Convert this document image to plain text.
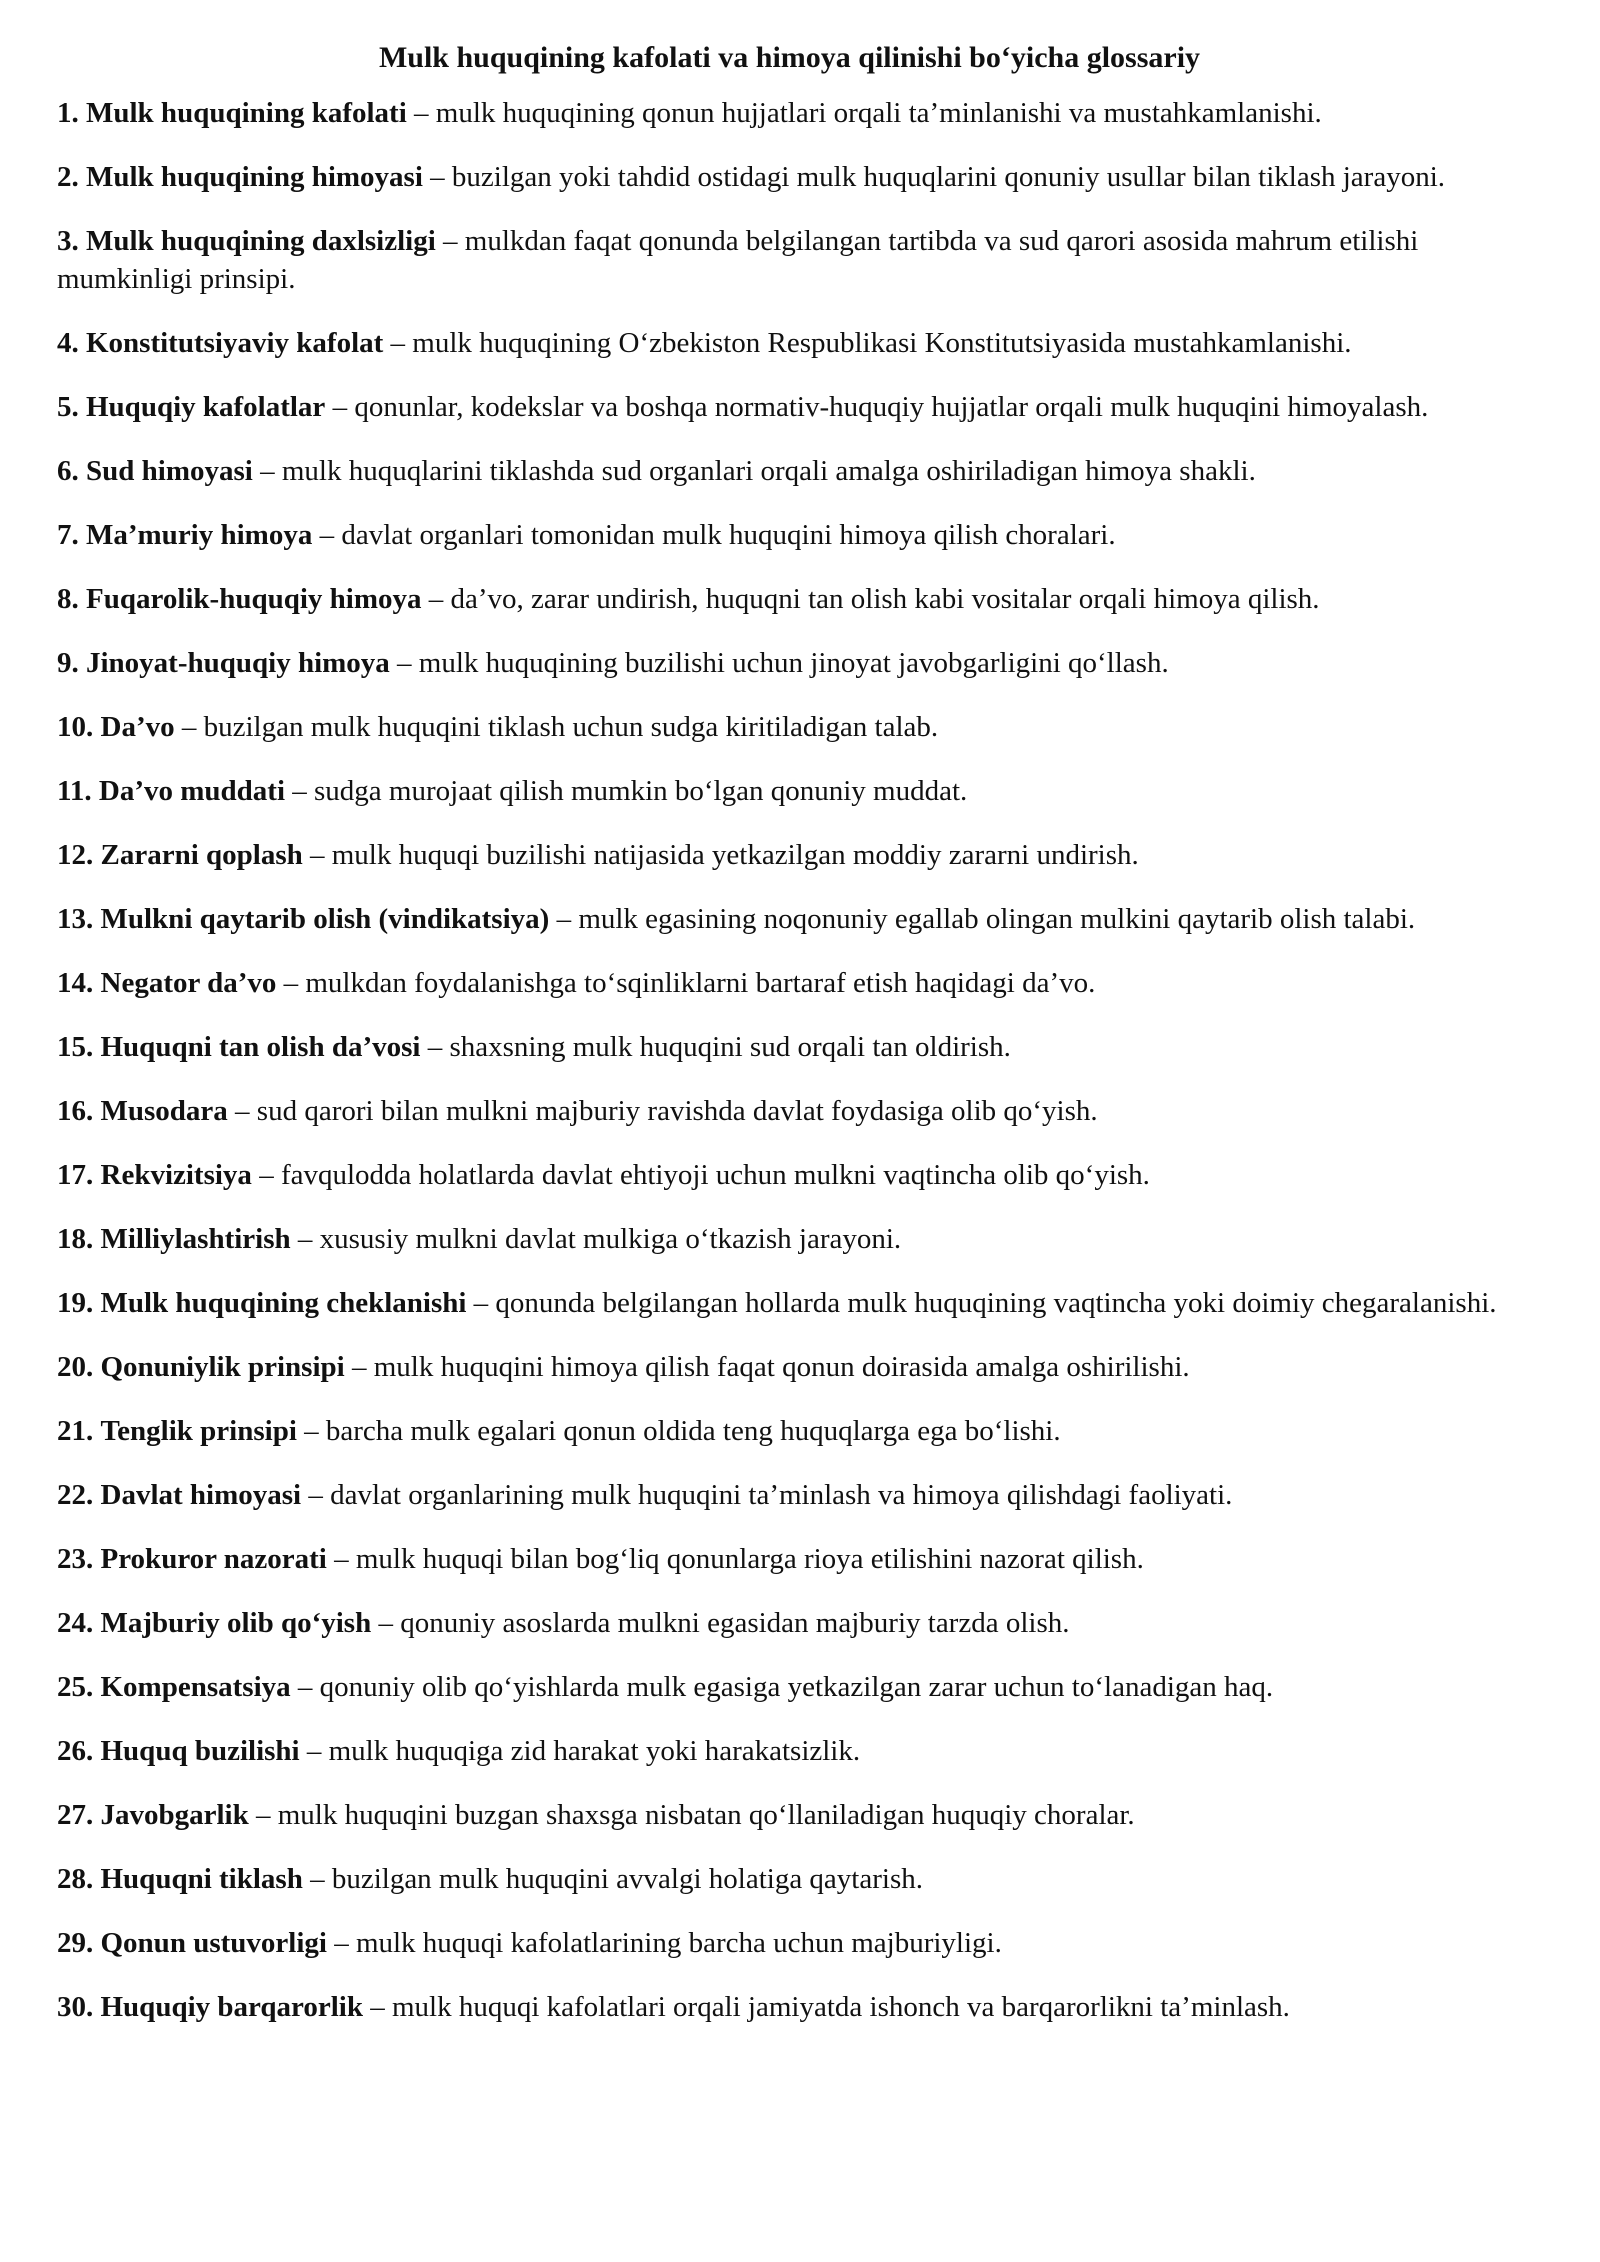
Mulk huquqining kafolati va himoya qilinishi boʻyicha glossariy
1. Mulk huquqining kafolati – mulk huquqining qonun hujjatlari orqali taʼminlanishi va mustahkamlanishi.
2. Mulk huquqining himoyasi – buzilgan yoki tahdid ostidagi mulk huquqlarini qonuniy usullar bilan tiklash jarayoni.
3. Mulk huquqining daxlsizligi – mulkdan faqat qonunda belgilangan tartibda va sud qarori asosida mahrum etilishi mumkinligi prinsipi.
4. Konstitutsiyaviy kafolat – mulk huquqining Oʻzbekiston Respublikasi Konstitutsiyasida mustahkamlanishi.
5. Huquqiy kafolatlar – qonunlar, kodekslar va boshqa normativ-huquqiy hujjatlar orqali mulk huquqini himoyalash.
6. Sud himoyasi – mulk huquqlarini tiklashda sud organlari orqali amalga oshiriladigan himoya shakli.
7. Maʼmuriy himoya – davlat organlari tomonidan mulk huquqini himoya qilish choralari.
8. Fuqarolik-huquqiy himoya – daʼvo, zarar undirish, huquqni tan olish kabi vositalar orqali himoya qilish.
9. Jinoyat-huquqiy himoya – mulk huquqining buzilishi uchun jinoyat javobgarligini qoʻllash.
10. Daʼvo – buzilgan mulk huquqini tiklash uchun sudga kiritiladigan talab.
11. Daʼvo muddati – sudga murojaat qilish mumkin boʻlgan qonuniy muddat.
12. Zararni qoplash – mulk huquqi buzilishi natijasida yetkazilgan moddiy zararni undirish.
13. Mulkni qaytarib olish (vindikatsiya) – mulk egasining noqonuniy egallab olingan mulkini qaytarib olish talabi.
14. Negator daʼvo – mulkdan foydalanishga toʻsqinliklarni bartaraf etish haqidagi daʼvo.
15. Huquqni tan olish daʼvosi – shaxsning mulk huquqini sud orqali tan oldirish.
16. Musodara – sud qarori bilan mulkni majburiy ravishda davlat foydasiga olib qoʻyish.
17. Rekvizitsiya – favqulodda holatlarda davlat ehtiyoji uchun mulkni vaqtincha olib qoʻyish.
18. Milliylashtirish – xususiy mulkni davlat mulkiga oʻtkazish jarayoni.
19. Mulk huquqining cheklanishi – qonunda belgilangan hollarda mulk huquqining vaqtincha yoki doimiy chegaralanishi.
20. Qonuniylik prinsipi – mulk huquqini himoya qilish faqat qonun doirasida amalga oshirilishi.
21. Tenglik prinsipi – barcha mulk egalari qonun oldida teng huquqlarga ega boʻlishi.
22. Davlat himoyasi – davlat organlarining mulk huquqini taʼminlash va himoya qilishdagi faoliyati.
23. Prokuror nazorati – mulk huquqi bilan bogʻliq qonunlarga rioya etilishini nazorat qilish.
24. Majburiy olib qoʻyish – qonuniy asoslarda mulkni egasidan majburiy tarzda olish.
25. Kompensatsiya – qonuniy olib qoʻyishlarda mulk egasiga yetkazilgan zarar uchun toʻlanadigan haq.
26. Huquq buzilishi – mulk huquqiga zid harakat yoki harakatsizlik.
27. Javobgarlik – mulk huquqini buzgan shaxsga nisbatan qoʻllaniladigan huquqiy choralar.
28. Huquqni tiklash – buzilgan mulk huquqini avvalgi holatiga qaytarish.
29. Qonun ustuvorligi – mulk huquqi kafolatlarining barcha uchun majburiyligi.
30. Huquqiy barqarorlik – mulk huquqi kafolatlari orqali jamiyatda ishonch va barqarorlikni taʼminlash.
